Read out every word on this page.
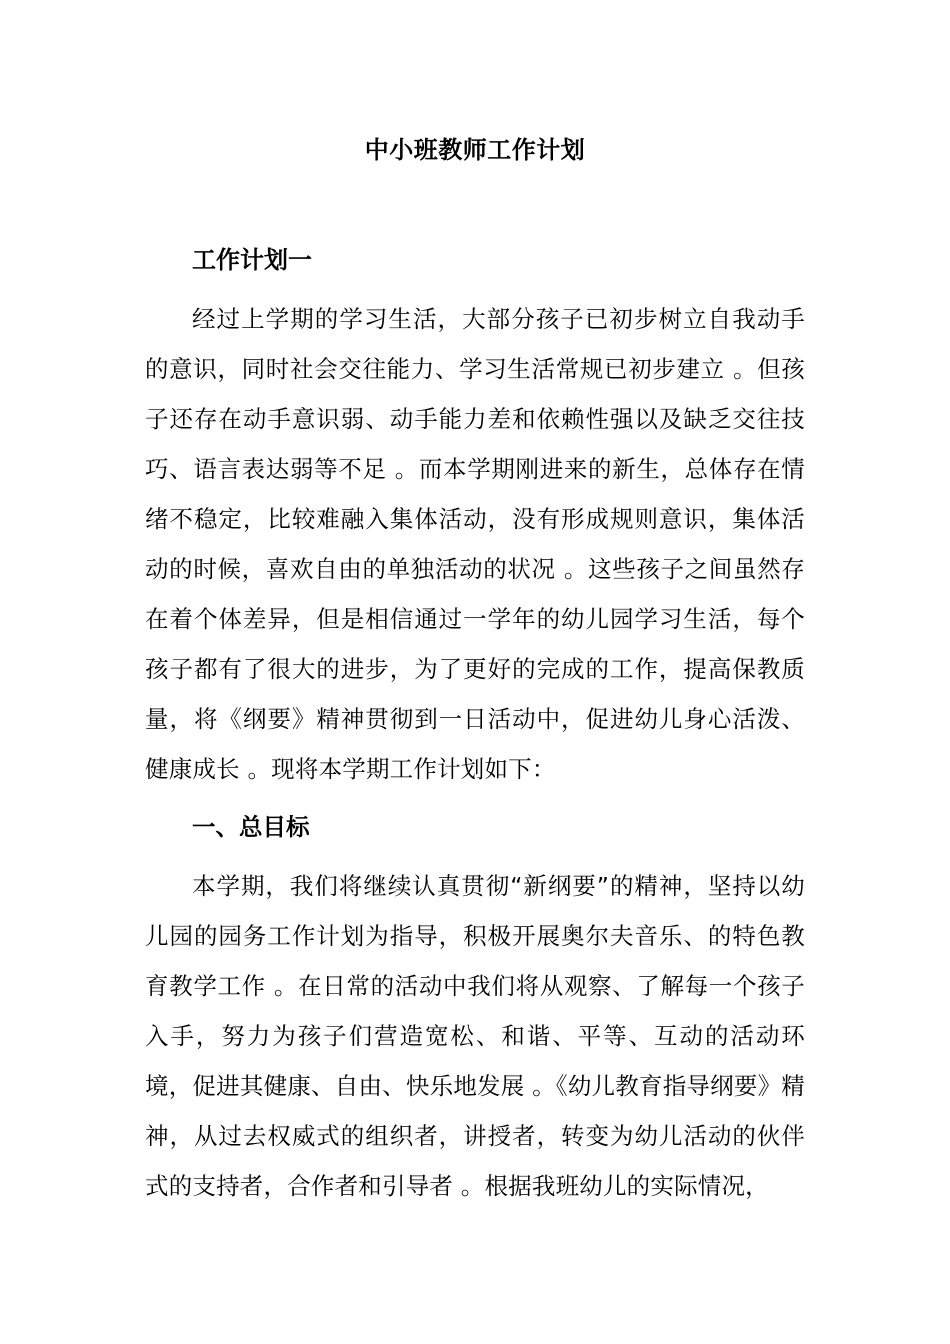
中小班教师工作计划
工作计划一

经过上学期的学习生活，大部分孩子已初步树立自我动手的意识，同时社会交往能力、学习生活常规已初步建立 。但孩子还存在动手意识弱、动手能力差和依赖性强以及缺乏交往技巧、语言表达弱等不足 。而本学期刚进来的新生，总体存在情绪不稳定，比较难融入集体活动，没有形成规则意识，集体活动的时候，喜欢自由的单独活动的状况 。这些孩子之间虽然存在着个体差异，但是相信通过一学年的幼儿园学习生活，每个孩子都有了很大的进步，为了更好的完成的工作，提高保教质量，将《纲要》精神贯彻到一日活动中，促进幼儿身心活泼、健康成长 。现将本学期工作计划如下：

一、总目标

本学期，我们将继续认真贯彻“新纲要”的精神，坚持以幼儿园的园务工作计划为指导，积极开展奥尔夫音乐、的特色教育教学工作 。在日常的活动中我们将从观察、了解每一个孩子入手，努力为孩子们营造宽松、和谐、平等、互动的活动环境，促进其健康、自由、快乐地发展 。《幼儿教育指导纲要》精神，从过去权威式的组织者，讲授者，转变为幼儿活动的伙伴式的支持者，合作者和引导者 。根据我班幼儿的实际情况，
